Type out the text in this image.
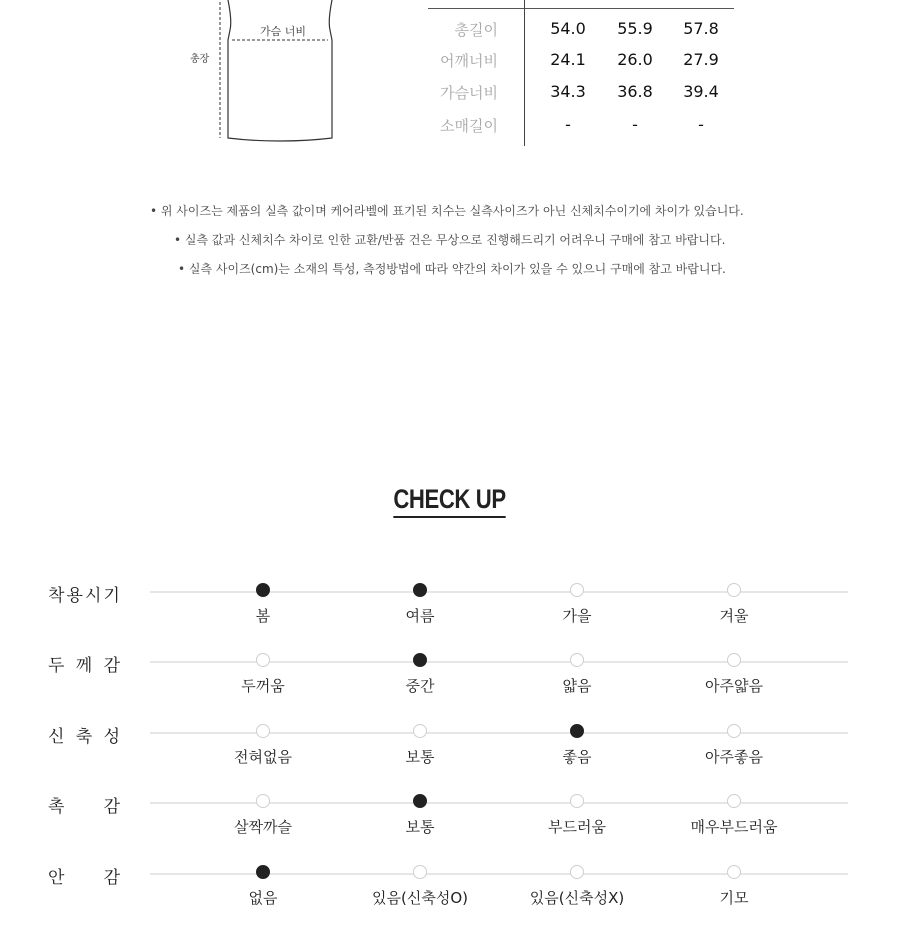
가슴 너비
총장
총길이	54.0	55.9	57.8
어깨너비	24.1	26.0	27.9
가슴너비	34.3	36.8	39.4
소매길이	-	-	-
• 위 사이즈는 제품의 실측 값이며 케어라벨에 표기된 치수는 실측사이즈가 아닌 신체치수이기에 차이가 있습니다.
• 실측 값과 신체치수 차이로 인한 교환/반품 건은 무상으로 진행해드리기 어려우니 구매에 참고 바랍니다.
• 실측 사이즈(cm)는 소재의 특성, 측정방법에 따라 약간의 차이가 있을 수 있으니 구매에 참고 바랍니다.
CHECK UP
착 용 시 기
봄	여름	가을	겨울
두 께 감
두꺼움	중간	얇음	아주얇음
신 축 성
전혀없음	보통	좋음	아주좋음
촉 감
살짝까슬	보통	부드러움	매우부드러움
안 감
없음	있음(신축성O)	있음(신축성X)	기모
